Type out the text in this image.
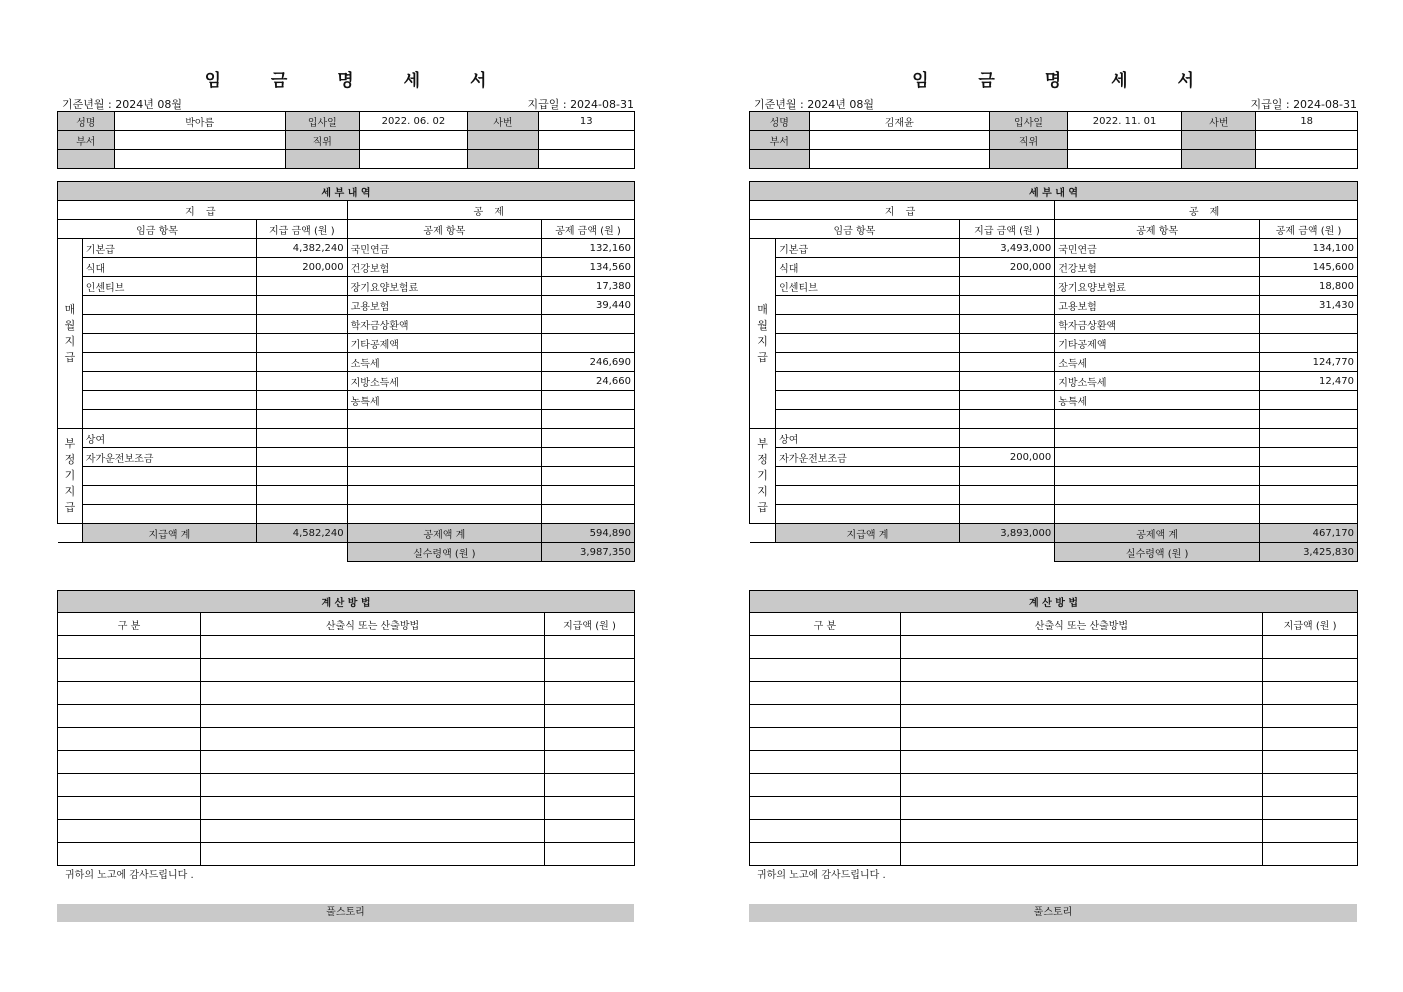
임 금 명 세 서
기준년월 : 2024년 08월	지급일 : 2024-08-31
성명	박아름	입사일	2022. 06. 02	사번	13
부서		직위			

세 부 내 역				
지 급			공 제	
임금 항목		지급 금액 (원 )	공제 항목	공제 금액 (원 )

매월지급	기본급	4,382,240	국민연금	132,160
	식대	200,000	건강보험	134,560
	인센티브		장기요양보험료	17,380
			고용보험	39,440
			학자금상환액	
			기타공제액	
			소득세	246,690
			지방소득세	24,660
			농특세	

부정기지급	상여			
	자가운전보조금			

	지급액 계	4,582,240	공제액 계	594,890
			실수령액 (원 )	3,987,350
계 산 방 법		
구 분	산출식 또는 산출방법	지급액 (원 )

귀하의 노고에 감사드립니다 .
풀스토리
임 금 명 세 서
기준년월 : 2024년 08월	지급일 : 2024-08-31
성명	김재윤	입사일	2022. 11. 01	사번	18
부서		직위			

세 부 내 역				
지 급			공 제	
임금 항목		지급 금액 (원 )	공제 항목	공제 금액 (원 )

매월지급	기본급	3,493,000	국민연금	134,100
	식대	200,000	건강보험	145,600
	인센티브		장기요양보험료	18,800
			고용보험	31,430
			학자금상환액	
			기타공제액	
			소득세	124,770
			지방소득세	12,470
			농특세	

부정기지급	상여			
	자가운전보조금	200,000		

	지급액 계	3,893,000	공제액 계	467,170
			실수령액 (원 )	3,425,830
계 산 방 법		
구 분	산출식 또는 산출방법	지급액 (원 )

귀하의 노고에 감사드립니다 .
풀스토리
